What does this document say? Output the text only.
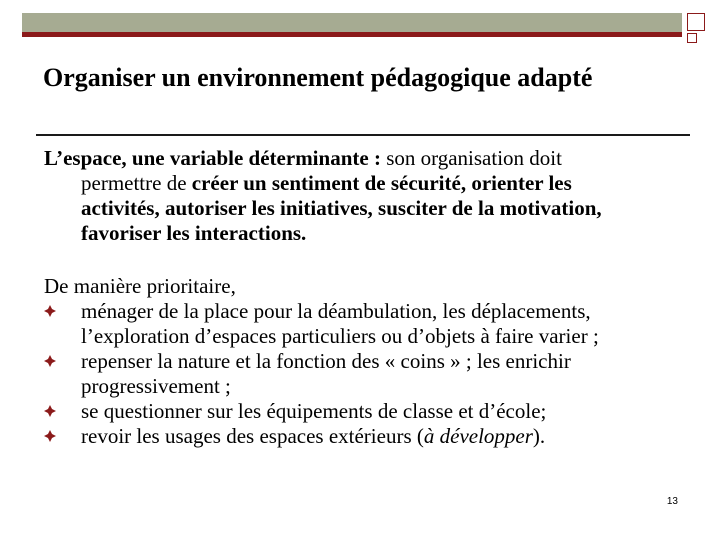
Organiser un environnement pédagogique adapté
L’espace, une variable déterminante : son organisation doit
permettre de créer un sentiment de sécurité, orienter les
activités, autoriser les initiatives, susciter de la motivation,
favoriser les interactions.
De manière prioritaire,
ménager de la place pour la déambulation, les déplacements,
l’exploration d’espaces particuliers ou d’objets à faire varier ;
repenser la nature et la fonction des « coins » ; les enrichir
progressivement ;
se questionner sur les équipements de classe et d’école;
revoir les usages des espaces extérieurs (à développer).
13
